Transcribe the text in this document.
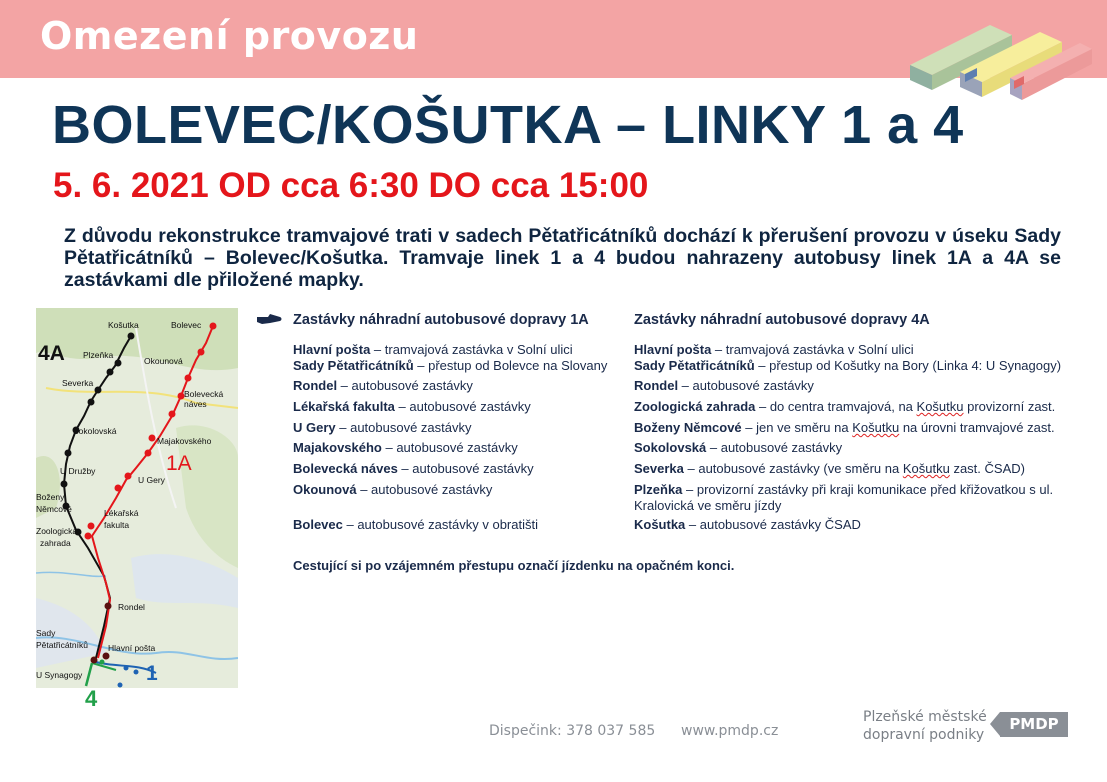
Omezení provozu
BOLEVEC/KOŠUTKA – LINKY 1 a 4
5. 6. 2021 OD cca 6:30 DO cca 15:00
Z důvodu rekonstrukce tramvajové trati v sadech Pětatřicátníků dochází k přerušení provozu v úseku Sady Pětatřicátníků – Bolevec/Košutka. Tramvaje linek 1 a 4 budou nahrazeny autobusy linek 1A a 4A se zastávkami dle přiložené mapky.
Košutka	Bolevec
Plzeňka
Okounová
Severka
Bolevecká
náves
Sokolovská
Majakovského
U Družby
U Gery
Boženy
Němcové	Lékařská
fakulta
Zoologická
zahrada
Rondel
Sady
Pětatřicátníků Hlavní pošta
U Synagogy
4A
1A
1
4
Zastávky náhradní autobusové dopravy 1A
Hlavní pošta – tramvajová zastávka v Solní ulici
Sady Pětatřicátníků – přestup od Bolevce na Slovany
Rondel – autobusové zastávky
Lékařská fakulta – autobusové zastávky
U Gery – autobusové zastávky
Majakovského – autobusové zastávky
Bolevecká náves – autobusové zastávky
Okounová – autobusové zastávky
Bolevec – autobusové zastávky v obratišti
Zastávky náhradní autobusové dopravy 4A
Hlavní pošta – tramvajová zastávka v Solní ulici
Sady Pětatřicátníků – přestup od Košutky na Bory (Linka 4: U Synagogy)
Rondel – autobusové zastávky
Zoologická zahrada – do centra tramvajová, na Košutku provizorní zast.
Boženy Němcové – jen ve směru na Košutku na úrovni tramvajové zast.
Sokolovská – autobusové zastávky
Severka – autobusové zastávky (ve směru na Košutku zast. ČSAD)
Plzeňka – provizorní zastávky při kraji komunikace před křižovatkou s ul. Kralovická ve směru jízdy
Košutka – autobusové zastávky ČSAD
Cestující si po vzájemném přestupu označí jízdenku na opačném konci.
Dispečink: 378 037 585 www.pmdp.cz
Plzeňské městské
dopravní podniky
PMDP
